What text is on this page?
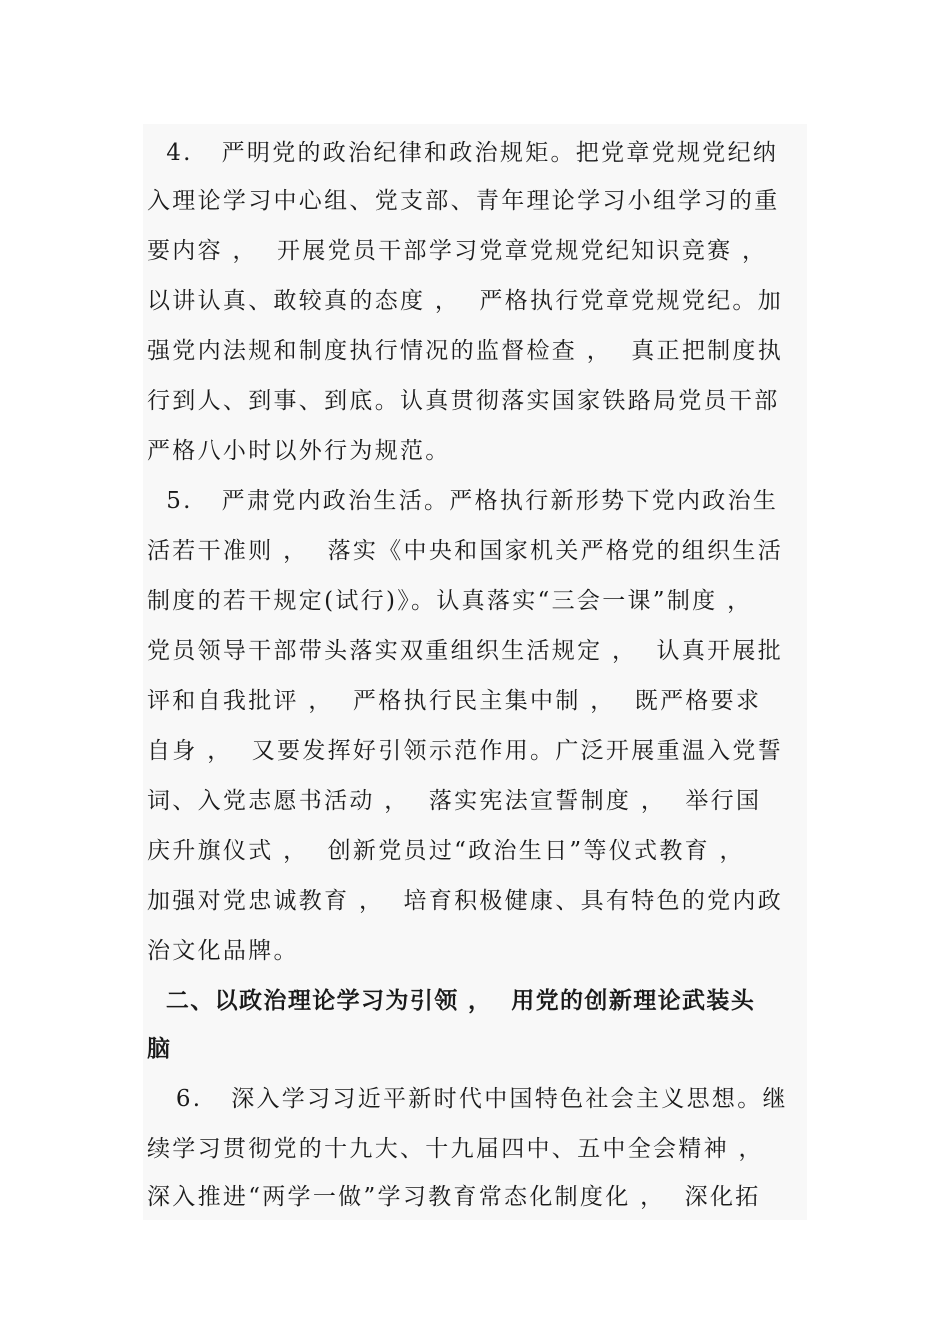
4.   严明党的政治纪律和政治规矩。把党章党规党纪纳
入理论学习中心组、党支部、青年理论学习小组学习的重
要内容 ，  开展党员干部学习党章党规党纪知识竞赛 ，
以讲认真、敢较真的态度 ，  严格执行党章党规党纪。加
强党内法规和制度执行情况的监督检查 ，  真正把制度执
行到人、到事、到底。认真贯彻落实国家铁路局党员干部
严格八小时以外行为规范。
5.   严肃党内政治生活。严格执行新形势下党内政治生
活若干准则 ，  落实《中央和国家机关严格党的组织生活
制度的若干规定(试行)》。认真落实“三会一课”制度 ，
党员领导干部带头落实双重组织生活规定 ，  认真开展批
评和自我批评 ，  严格执行民主集中制 ，  既严格要求
自身 ，  又要发挥好引领示范作用。广泛开展重温入党誓
词、入党志愿书活动 ，  落实宪法宣誓制度 ，  举行国
庆升旗仪式 ，  创新党员过“政治生日”等仪式教育 ，
加强对党忠诚教育 ，  培育积极健康、具有特色的党内政
治文化品牌。
二、以政治理论学习为引领 ，  用党的创新理论武装头
脑
6.   深入学习习近平新时代中国特色社会主义思想。继
续学习贯彻党的十九大、十九届四中、五中全会精神 ，
深入推进“两学一做”学习教育常态化制度化 ，  深化拓
